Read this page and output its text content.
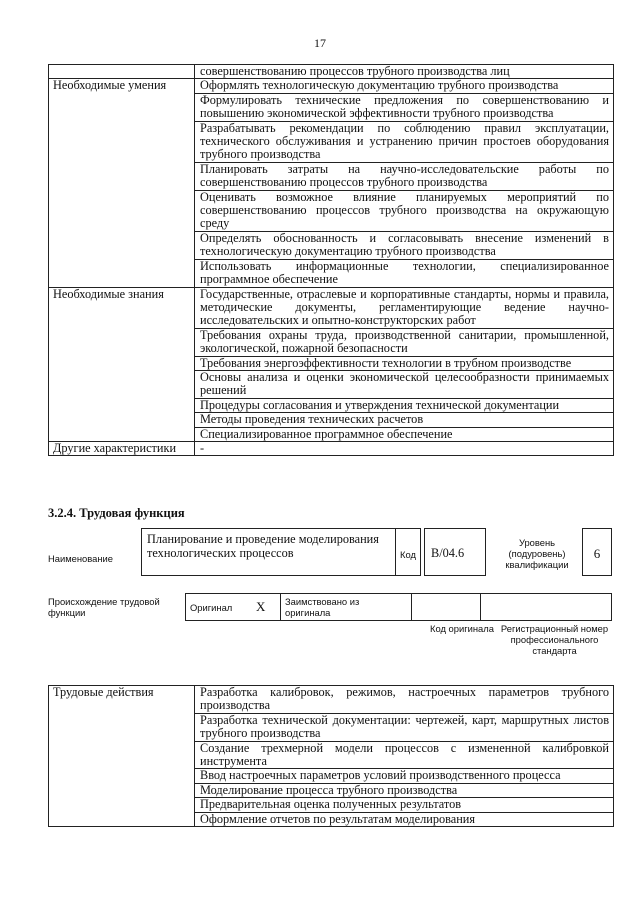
17
	совершенствованию процессов трубного производства лиц
Необходимые умения	Оформлять технологическую документацию трубного производства
	Формулировать технические предложения по совершенствованию и повышению экономической эффективности трубного производства
	Разрабатывать рекомендации по соблюдению правил эксплуатации, технического обслуживания и устранению причин простоев оборудования трубного производства
	Планировать затраты на научно-исследовательские работы по совершенствованию процессов трубного производства
	Оценивать возможное влияние планируемых мероприятий по совершенствованию процессов трубного производства на окружающую среду
	Определять обоснованность и согласовывать внесение изменений в технологическую документацию трубного производства
	Использовать информационные технологии, специализированное программное обеспечение
Необходимые знания	Государственные, отраслевые и корпоративные стандарты, нормы и правила, методические документы, регламентирующие ведение научно-исследовательских и опытно-конструкторских работ
	Требования охраны труда, производственной санитарии, промышленной, экологической, пожарной безопасности
	Требования энергоэффективности технологии в трубном производстве
	Основы анализа и оценки экономической целесообразности принимаемых решений
	Процедуры согласования и утверждения технической документации
	Методы проведения технических расчетов
	Специализированное программное обеспечение
Другие характеристики	-
3.2.4. Трудовая функция
Наименование
Планирование и проведение моделирования технологических процессов	Код	B/04.6
Уровень (подуровень) квалификации
6
Происхождение трудовой функции	Оригинал	X	Заимствовано из оригинала		
Код оригинала Регистрационный номер профессионального стандарта
Трудовые действия	Разработка калибровок, режимов, настроечных параметров трубного производства
Разработка технической документации: чертежей, карт, маршрутных листов трубного производства
Создание трехмерной модели процессов с измененной калибровкой инструмента
Ввод настроечных параметров условий производственного процесса
Моделирование процесса трубного производства
Предварительная оценка полученных результатов
Оформление отчетов по результатам моделирования
